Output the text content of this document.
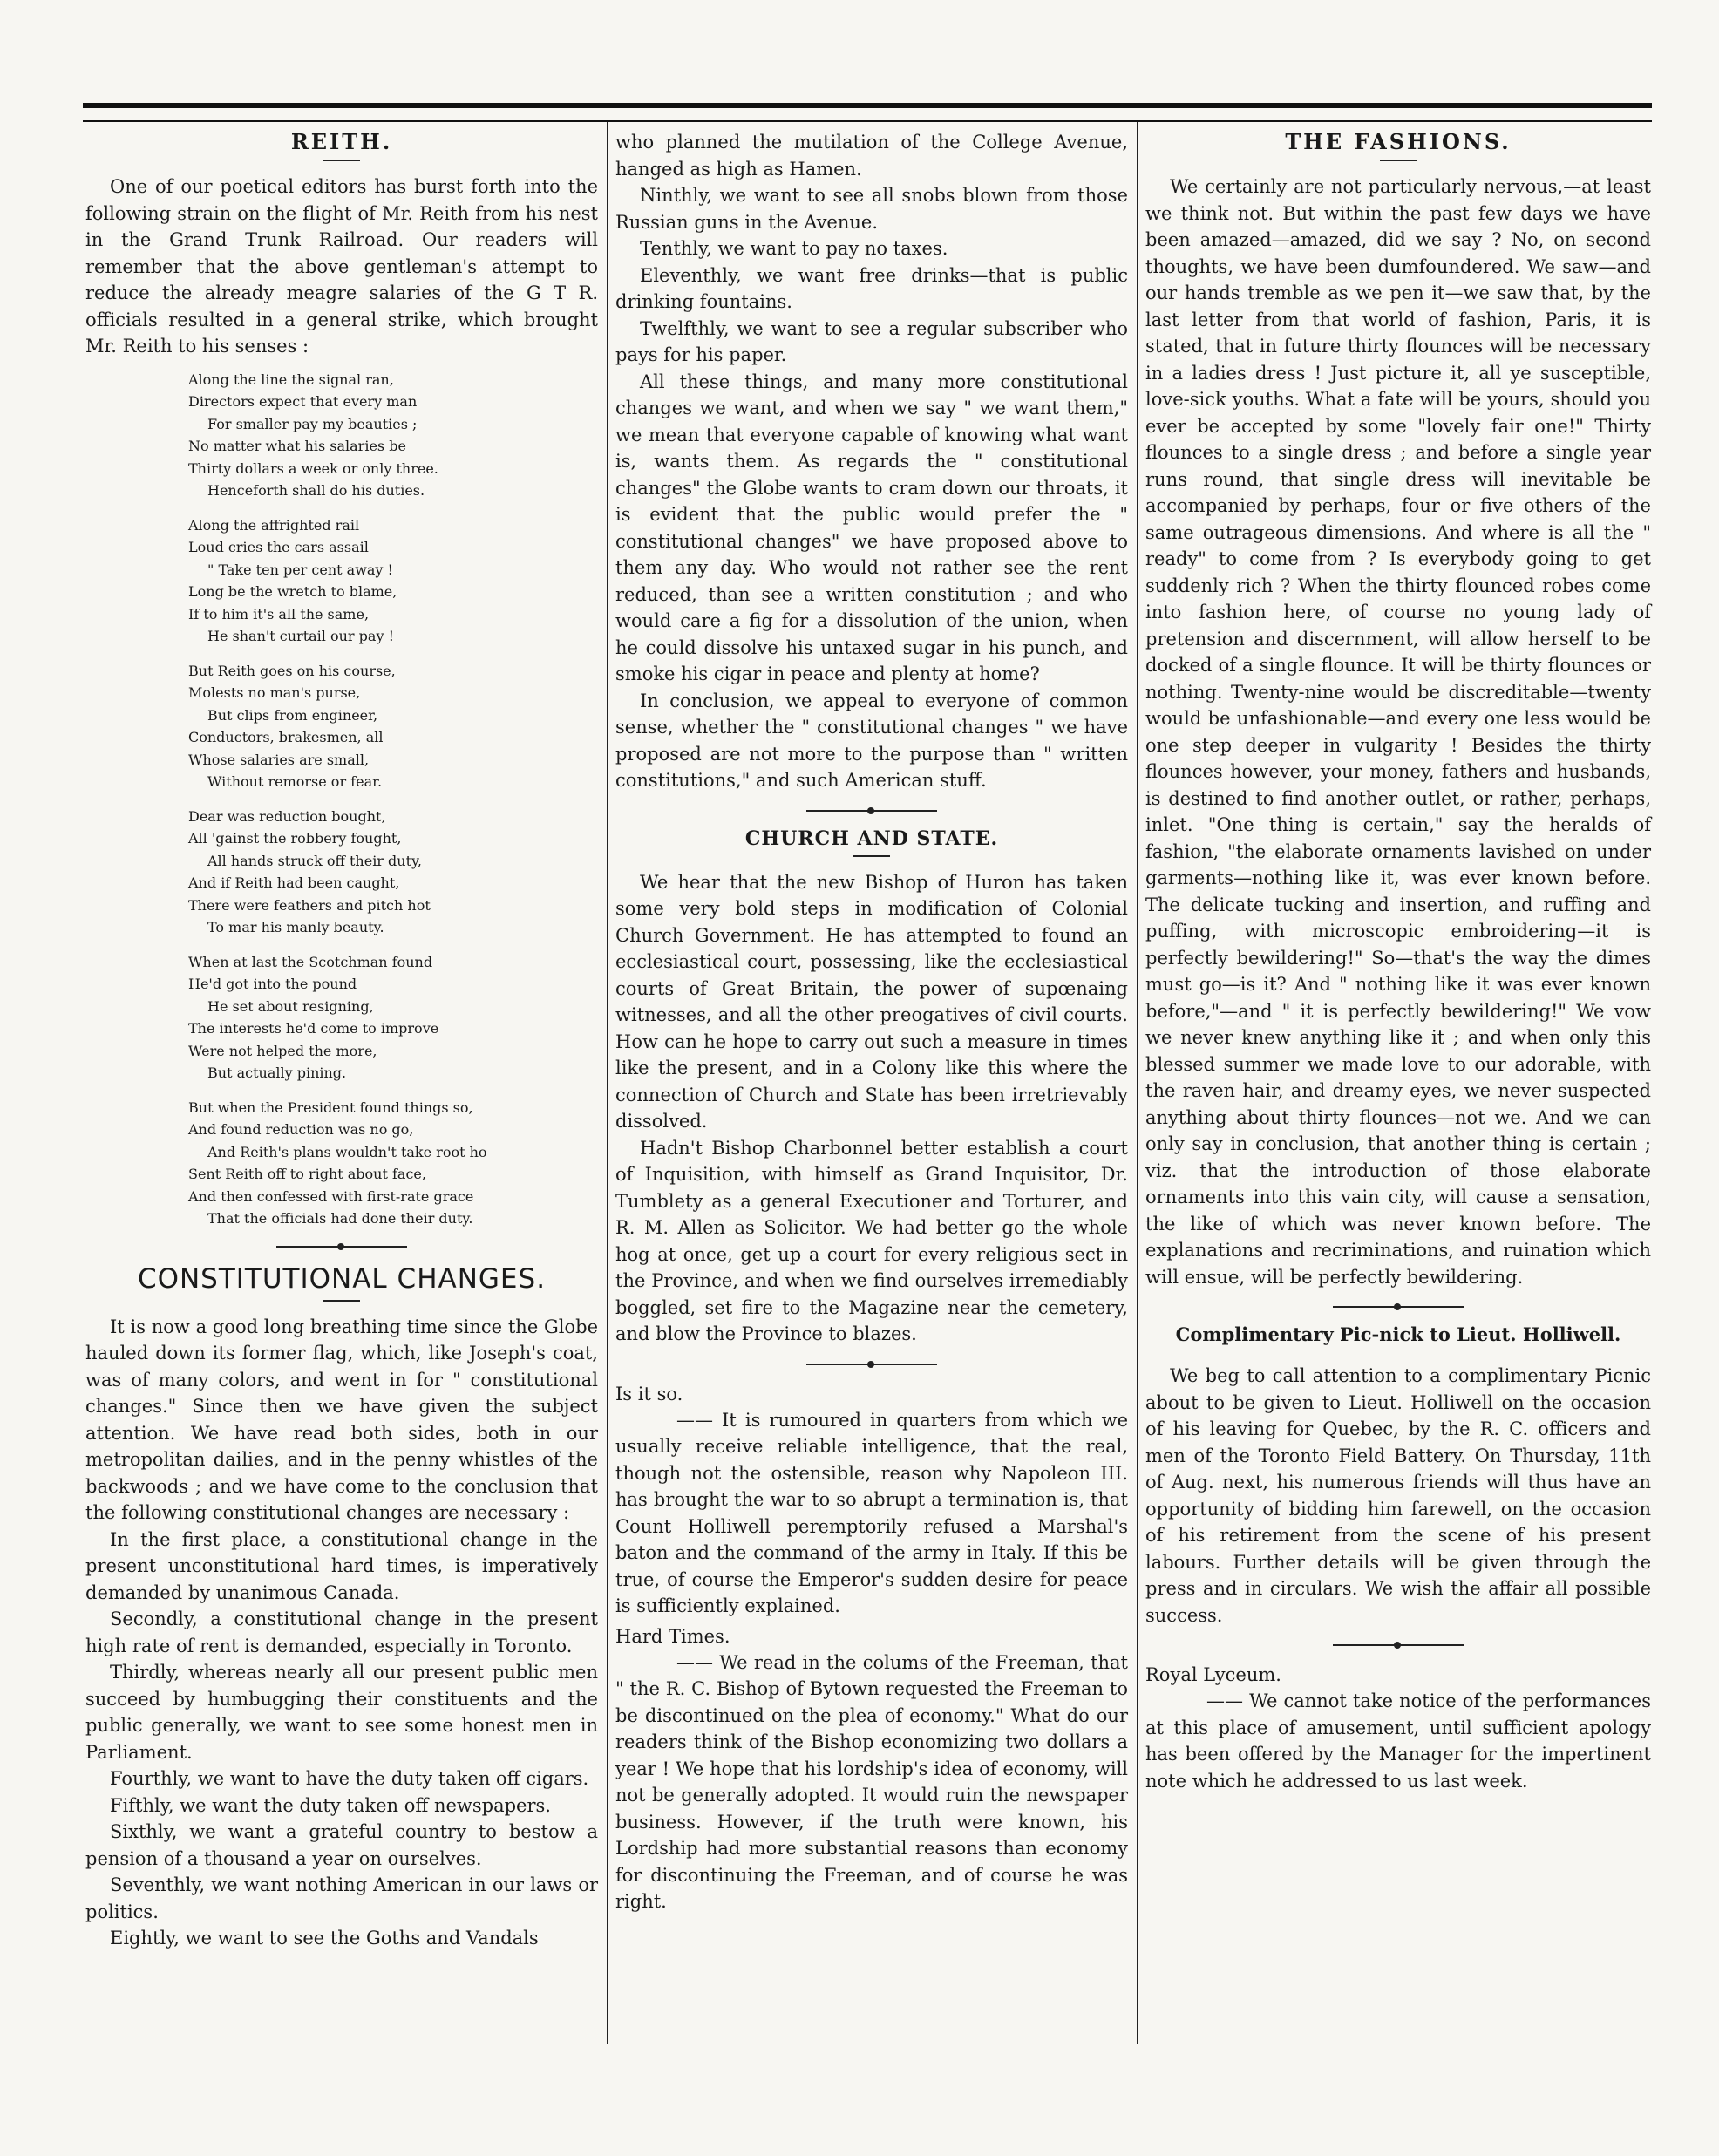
REITH.

One of our poetical editors has burst forth into the following strain on the flight of Mr. Reith from his nest in the Grand Trunk Railroad. Our readers will remember that the above gentleman's attempt to reduce the already meagre salaries of the G T R. officials resulted in a general strike, which brought Mr. Reith to his senses :

Along the line the signal ran,
Directors expect that every man
For smaller pay my beauties ;
No matter what his salaries be
Thirty dollars a week or only three.
Henceforth shall do his duties.
Along the affrighted rail
Loud cries the cars assail
" Take ten per cent away !
Long be the wretch to blame,
If to him it's all the same,
He shan't curtail our pay !
But Reith goes on his course,
Molests no man's purse,
But clips from engineer,
Conductors, brakesmen, all
Whose salaries are small,
Without remorse or fear.
Dear was reduction bought,
All 'gainst the robbery fought,
All hands struck off their duty,
And if Reith had been caught,
There were feathers and pitch hot
To mar his manly beauty.
When at last the Scotchman found
He'd got into the pound
He set about resigning,
The interests he'd come to improve
Were not helped the more,
But actually pining.
But when the President found things so,
And found reduction was no go,
And Reith's plans wouldn't take root ho
Sent Reith off to right about face,
And then confessed with first-rate grace
That the officials had done their duty.
CONSTITUTIONAL CHANGES.

It is now a good long breathing time since the Globe hauled down its former flag, which, like Joseph's coat, was of many colors, and went in for " constitutional changes." Since then we have given the subject attention. We have read both sides, both in our metropolitan dailies, and in the penny whistles of the backwoods ; and we have come to the conclusion that the following constitutional changes are necessary :

In the first place, a constitutional change in the present unconstitutional hard times, is imperatively demanded by unanimous Canada.

Secondly, a constitutional change in the present high rate of rent is demanded, especially in Toronto.

Thirdly, whereas nearly all our present public men succeed by humbugging their constituents and the public generally, we want to see some honest men in Parliament.

Fourthly, we want to have the duty taken off cigars.

Fifthly, we want the duty taken off newspapers.

Sixthly, we want a grateful country to bestow a pension of a thousand a year on ourselves.

Seventhly, we want nothing American in our laws or politics.

Eightly, we want to see the Goths and Vandals

who planned the mutilation of the College Avenue, hanged as high as Hamen.

Ninthly, we want to see all snobs blown from those Russian guns in the Avenue.

Tenthly, we want to pay no taxes.

Eleventhly, we want free drinks—that is public drinking fountains.

Twelfthly, we want to see a regular subscriber who pays for his paper.

All these things, and many more constitutional changes we want, and when we say " we want them," we mean that everyone capable of knowing what want is, wants them. As regards the " constitutional changes" the Globe wants to cram down our throats, it is evident that the public would prefer the " constitutional changes" we have proposed above to them any day. Who would not rather see the rent reduced, than see a written constitution ; and who would care a fig for a dissolution of the union, when he could dissolve his untaxed sugar in his punch, and smoke his cigar in peace and plenty at home?

In conclusion, we appeal to everyone of common sense, whether the " constitutional changes " we have proposed are not more to the purpose than " written constitutions," and such American stuff.

CHURCH AND STATE.

We hear that the new Bishop of Huron has taken some very bold steps in modification of Colonial Church Government. He has attempted to found an ecclesiastical court, possessing, like the ecclesiastical courts of Great Britain, the power of supœnaing witnesses, and all the other preogatives of civil courts. How can he hope to carry out such a measure in times like the present, and in a Colony like this where the connection of Church and State has been irretrievably dissolved.

Hadn't Bishop Charbonnel better establish a court of Inquisition, with himself as Grand Inquisitor, Dr. Tumblety as a general Executioner and Torturer, and R. M. Allen as Solicitor. We had better go the whole hog at once, get up a court for every religious sect in the Province, and when we find ourselves irremediably boggled, set fire to the Magazine near the cemetery, and blow the Province to blazes.

Is it so.

—— It is rumoured in quarters from which we usually receive reliable intelligence, that the real, though not the ostensible, reason why Napoleon III. has brought the war to so abrupt a termination is, that Count Holliwell peremptorily refused a Marshal's baton and the command of the army in Italy. If this be true, of course the Emperor's sudden desire for peace is sufficiently explained.

Hard Times.

—— We read in the colums of the Freeman, that " the R. C. Bishop of Bytown requested the Freeman to be discontinued on the plea of economy." What do our readers think of the Bishop economizing two dollars a year ! We hope that his lordship's idea of economy, will not be generally adopted. It would ruin the newspaper business. However, if the truth were known, his Lordship had more substantial reasons than economy for discontinuing the Freeman, and of course he was right.

THE FASHIONS.

We certainly are not particularly nervous,—at least we think not. But within the past few days we have been amazed—amazed, did we say ? No, on second thoughts, we have been dumfoundered. We saw—and our hands tremble as we pen it—we saw that, by the last letter from that world of fashion, Paris, it is stated, that in future thirty flounces will be necessary in a ladies dress ! Just picture it, all ye susceptible, love-sick youths. What a fate will be yours, should you ever be accepted by some "lovely fair one!" Thirty flounces to a single dress ; and before a single year runs round, that single dress will inevitable be accompanied by perhaps, four or five others of the same outrageous dimensions. And where is all the " ready" to come from ? Is everybody going to get suddenly rich ? When the thirty flounced robes come into fashion here, of course no young lady of pretension and discernment, will allow herself to be docked of a single flounce. It will be thirty flounces or nothing. Twenty-nine would be discreditable—twenty would be unfashionable—and every one less would be one step deeper in vulgarity ! Besides the thirty flounces however, your money, fathers and husbands, is destined to find another outlet, or rather, perhaps, inlet. "One thing is certain," say the heralds of fashion, "the elaborate ornaments lavished on under garments—nothing like it, was ever known before. The delicate tucking and insertion, and ruffing and puffing, with microscopic embroidering—it is perfectly bewildering!" So—that's the way the dimes must go—is it? And " nothing like it was ever known before,"—and " it is perfectly bewildering!" We vow we never knew anything like it ; and when only this blessed summer we made love to our adorable, with the raven hair, and dreamy eyes, we never suspected anything about thirty flounces—not we. And we can only say in conclusion, that another thing is certain ; viz. that the introduction of those elaborate ornaments into this vain city, will cause a sensation, the like of which was never known before. The explanations and recriminations, and ruination which will ensue, will be perfectly bewildering.

Complimentary Pic-nick to Lieut. Holliwell.

We beg to call attention to a complimentary Picnic about to be given to Lieut. Holliwell on the occasion of his leaving for Quebec, by the R. C. officers and men of the Toronto Field Battery. On Thursday, 11th of Aug. next, his numerous friends will thus have an opportunity of bidding him farewell, on the occasion of his retirement from the scene of his present labours. Further details will be given through the press and in circulars. We wish the affair all possible success.

Royal Lyceum.

—— We cannot take notice of the performances at this place of amusement, until sufficient apology has been offered by the Manager for the impertinent note which he addressed to us last week.
